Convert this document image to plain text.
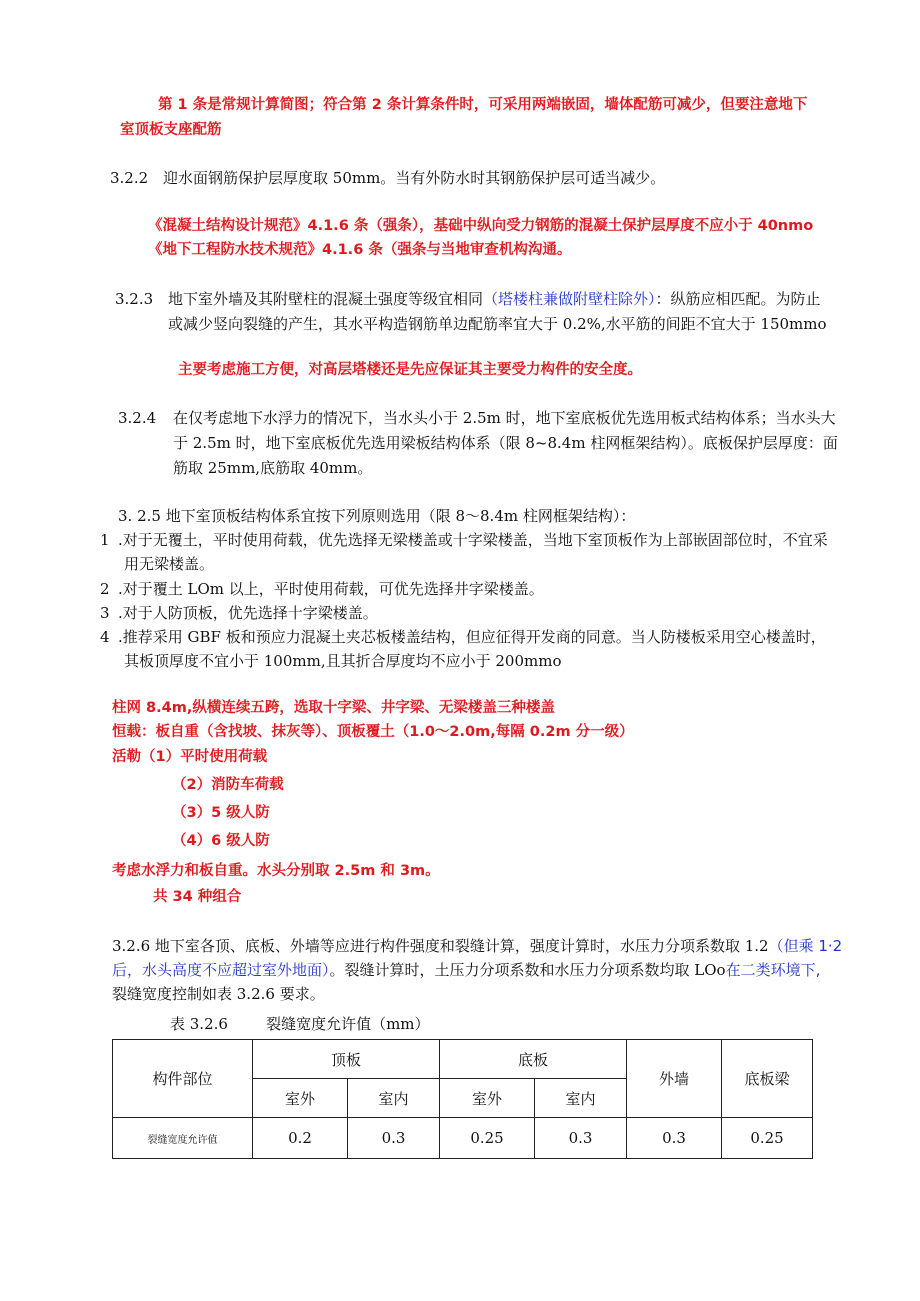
第 1 条是常规计算简图；符合第 2 条计算条件时，可采用两端嵌固，墙体配筋可减少，但要注意地下
室顶板支座配筋
3.2.2 迎水面钢筋保护层厚度取 50mm。当有外防水时其钢筋保护层可适当减少。
《混凝土结构设计规范》4.1.6 条（强条），基础中纵向受力钢筋的混凝土保护层厚度不应小于 40nmo
《地下工程防水技术规范》4.1.6 条（强条与当地审查机构沟通。
3.2.3 地下室外墙及其附壁柱的混凝土强度等级宜相同（塔楼柱兼做附壁柱除外）：纵筋应相匹配。为防止
或减少竖向裂缝的产生，其水平构造钢筋单边配筋率宜大于 0.2%,水平筋的间距不宜大于 150mmo
主要考虑施工方便，对高层塔楼还是先应保证其主要受力构件的安全度。
3.2.4 在仅考虑地下水浮力的情况下，当水头小于 2.5m 时，地下室底板优先选用板式结构体系；当水头大
于 2.5m 时，地下室底板优先选用梁板结构体系（限 8~8.4m 柱网框架结构）。底板保护层厚度：面
筋取 25mm,底筋取 40mm。
3. 2.5 地下室顶板结构体系宜按下列原则选用（限 8～8.4m 柱网框架结构）：
1 .对于无覆土，平时使用荷载，优先选择无梁楼盖或十字梁楼盖，当地下室顶板作为上部嵌固部位时，不宜采
用无梁楼盖。
2 .对于覆土 LOm 以上，平时使用荷载，可优先选择井字梁楼盖。
3 .对于人防顶板，优先选择十字梁楼盖。
4 .推荐采用 GBF 板和预应力混凝土夹芯板楼盖结构，但应征得开发商的同意。当人防楼板采用空心楼盖时，
其板顶厚度不宜小于 100mm,且其折合厚度均不应小于 200mmo
柱网 8.4m,纵横连续五跨，选取十字梁、井字梁、无梁楼盖三种楼盖
恒载：板自重（含找坡、抹灰等）、顶板覆土（1.0～2.0m,每隔 0.2m 分一级）
活勒（1）平时使用荷载
（2）消防车荷载
（3）5 级人防
（4）6 级人防
考虑水浮力和板自重。水头分别取 2.5m 和 3m。
共 34 种组合
3.2.6 地下室各顶、底板、外墙等应进行构件强度和裂缝计算，强度计算时，水压力分项系数取 1.2（但乘 1·2
后，水头高度不应超过室外地面）。裂缝计算时，土压力分项系数和水压力分项系数均取 LOo在二类环境下,
裂缝宽度控制如表 3.2.6 要求。
表 3.2.6        裂缝宽度允许值（mm）
构件部位	顶板		底板		外墙	底板梁
	室外	室内	室外	室内		
裂缝宽度允许值	0.2	0.3	0.25	0.3	0.3	0.25
